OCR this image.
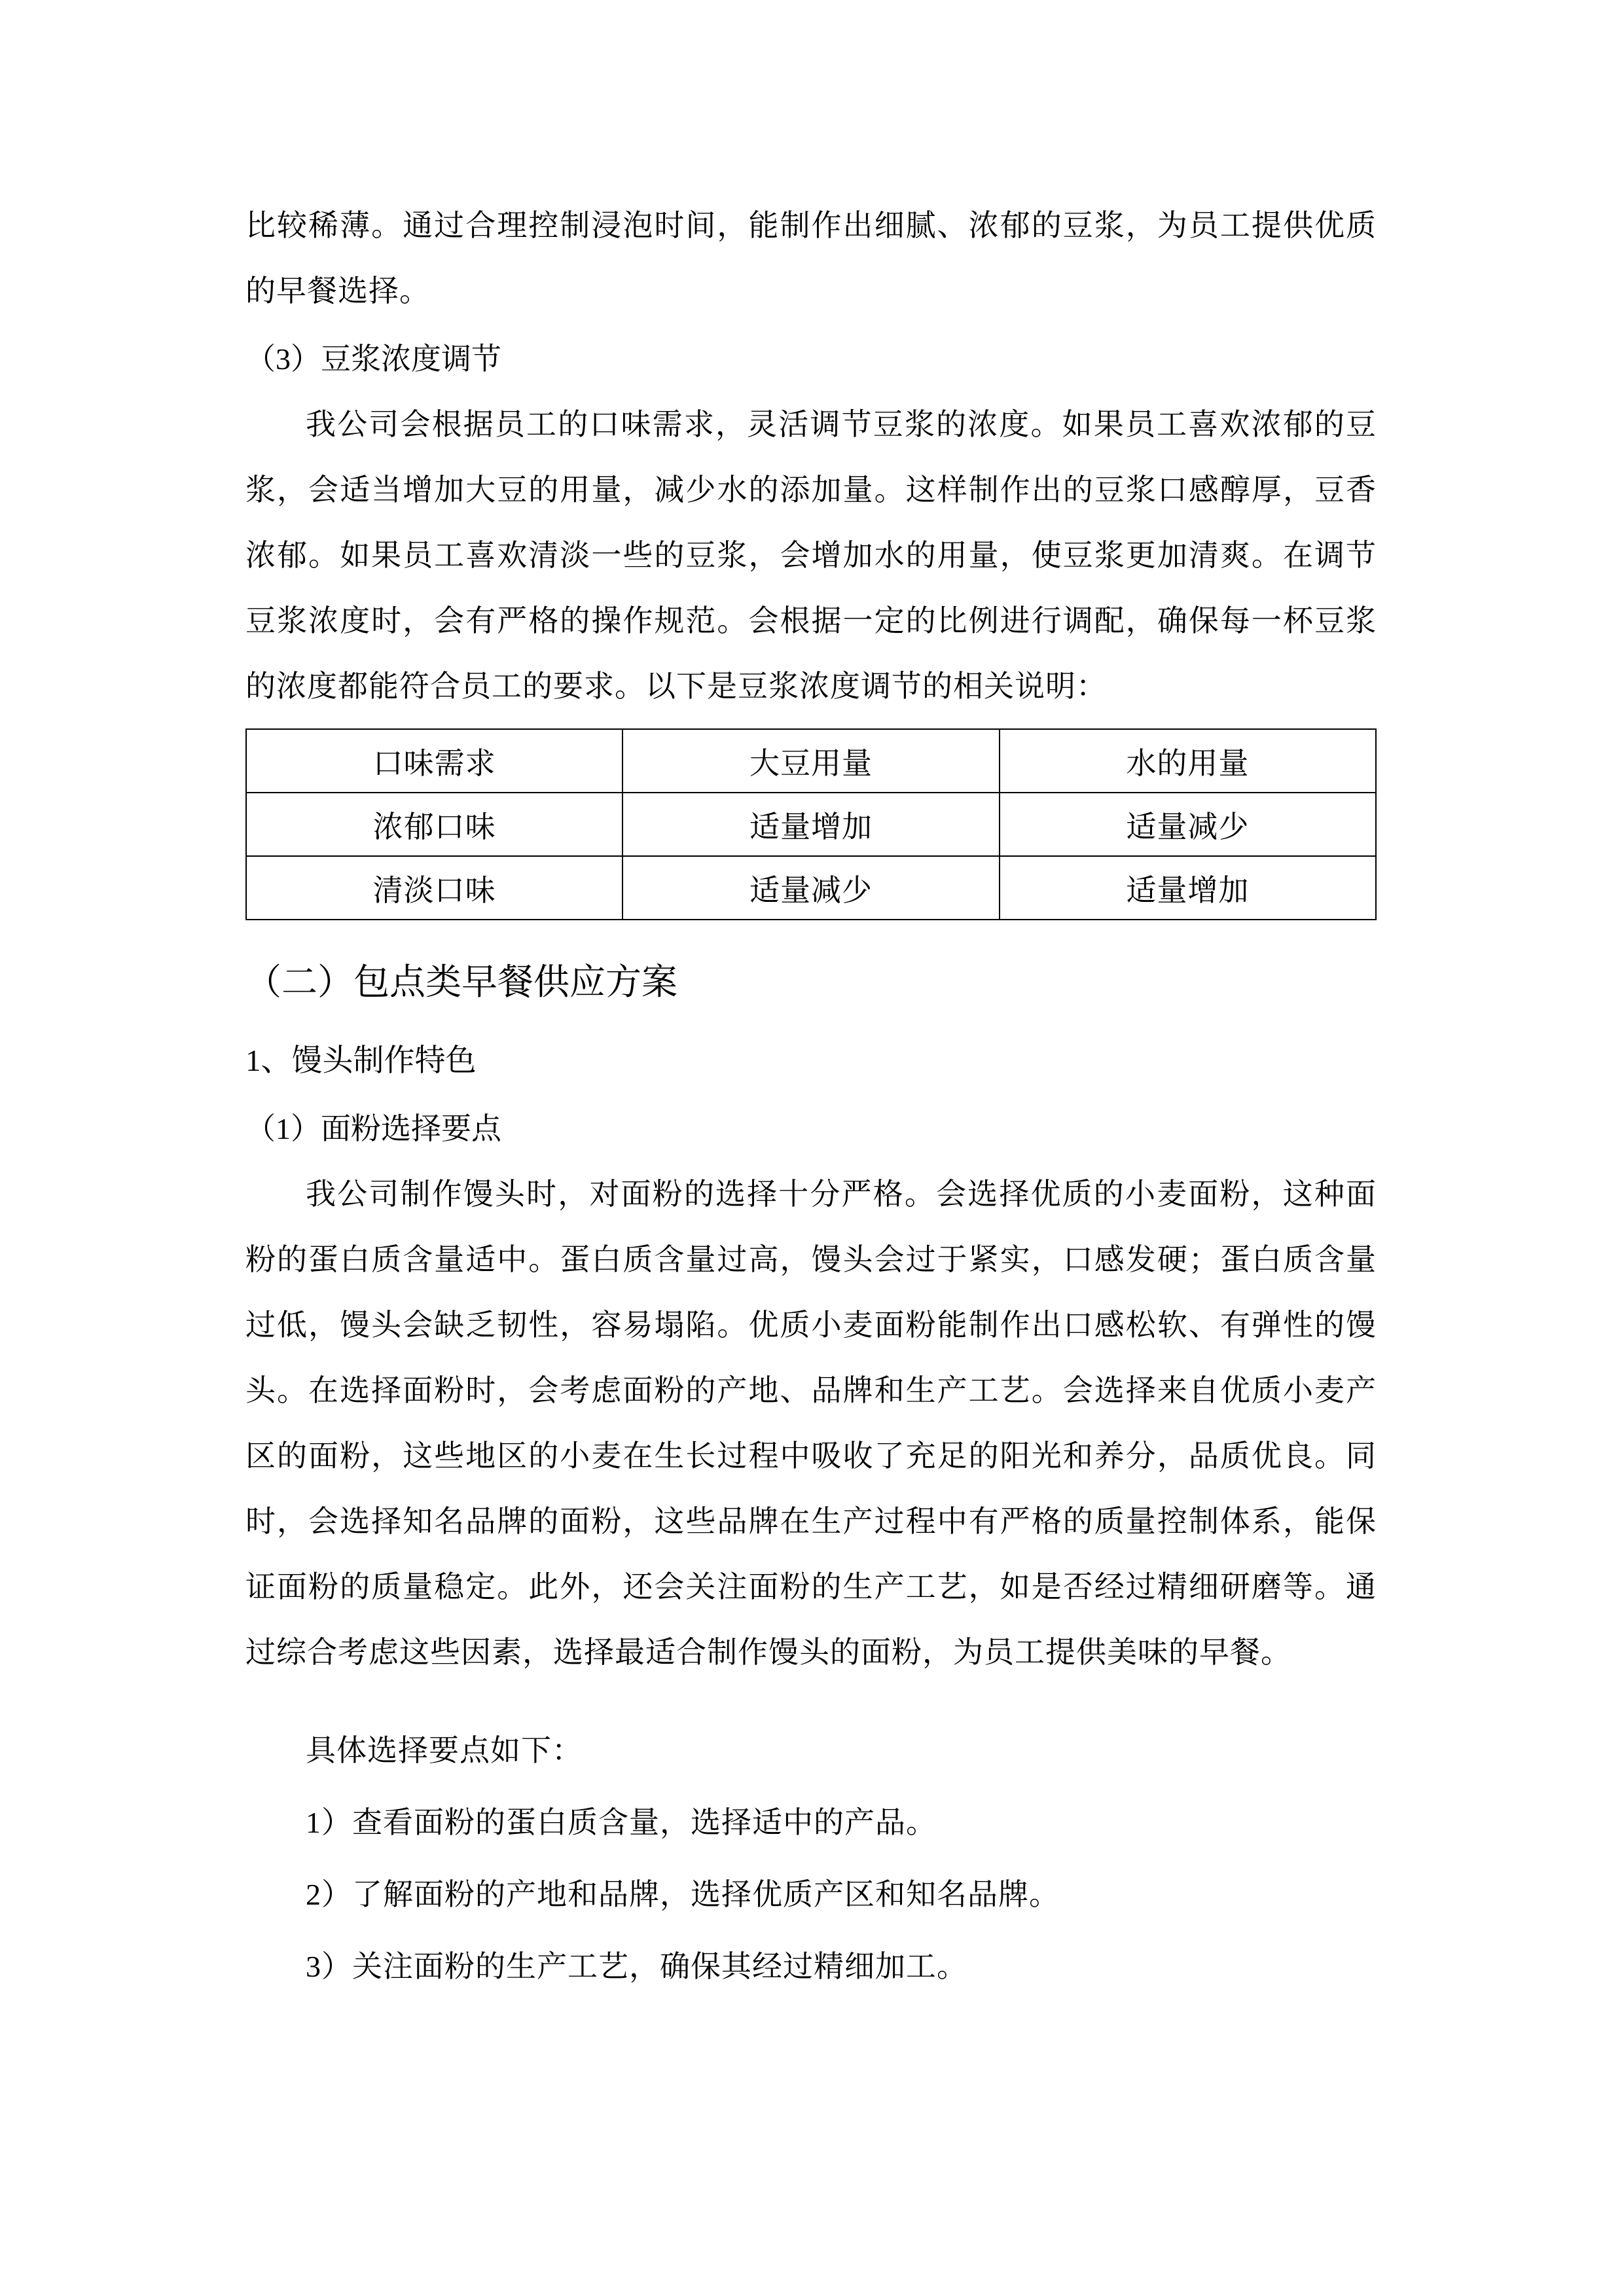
比较稀薄。通过合理控制浸泡时间，能制作出细腻、浓郁的豆浆，为员工提供优质的早餐选择。

（3）豆浆浓度调节

我公司会根据员工的口味需求，灵活调节豆浆的浓度。如果员工喜欢浓郁的豆浆，会适当增加大豆的用量，减少水的添加量。这样制作出的豆浆口感醇厚，豆香浓郁。如果员工喜欢清淡一些的豆浆，会增加水的用量，使豆浆更加清爽。在调节豆浆浓度时，会有严格的操作规范。会根据一定的比例进行调配，确保每一杯豆浆的浓度都能符合员工的要求。以下是豆浆浓度调节的相关说明：

口味需求	大豆用量	水的用量
浓郁口味	适量增加	适量减少
清淡口味	适量减少	适量增加
（二）包点类早餐供应方案

1、馒头制作特色

（1）面粉选择要点

我公司制作馒头时，对面粉的选择十分严格。会选择优质的小麦面粉，这种面粉的蛋白质含量适中。蛋白质含量过高，馒头会过于紧实，口感发硬；蛋白质含量过低，馒头会缺乏韧性，容易塌陷。优质小麦面粉能制作出口感松软、有弹性的馒头。在选择面粉时，会考虑面粉的产地、品牌和生产工艺。会选择来自优质小麦产区的面粉，这些地区的小麦在生长过程中吸收了充足的阳光和养分，品质优良。同时，会选择知名品牌的面粉，这些品牌在生产过程中有严格的质量控制体系，能保证面粉的质量稳定。此外，还会关注面粉的生产工艺，如是否经过精细研磨等。通过综合考虑这些因素，选择最适合制作馒头的面粉，为员工提供美味的早餐。

具体选择要点如下：

1）查看面粉的蛋白质含量，选择适中的产品。

2）了解面粉的产地和品牌，选择优质产区和知名品牌。

3）关注面粉的生产工艺，确保其经过精细加工。
